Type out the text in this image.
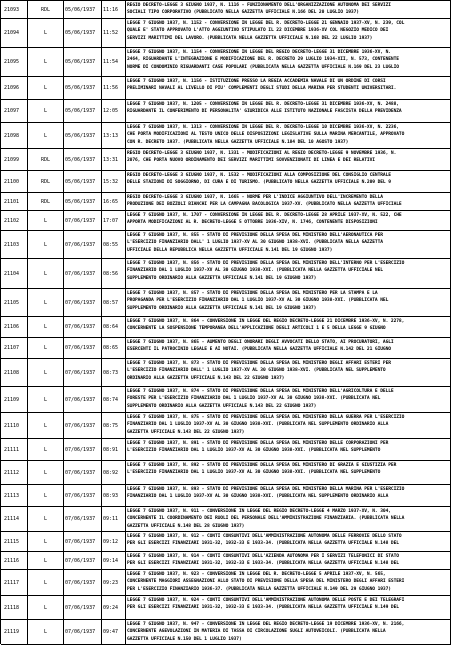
21093	RDL	05/06/1937 11:16
REGIO DECRETO-LEGGE 3 GIUGNO 1937, N. 1116 - FUNZIONAMENTO DELL'ORGANIZZAZIONE AUTONOMA DEI SERVIZI
SOCIALI TIPO CORPORATIVO (PUBBLICATO NELLA GAZZETTA UFFICIALE N.166 DEL 20 LUGLIO 1937)
21094	L	05/06/1937 11:52
LEGGE 7 GIUGNO 1937, N. 1152 - CONVERSIONE IN LEGGE DEL R. DECRETO-LEGGE 21 GENNAIO 1937-XV, N. 239, COL
QUALE E' STATO APPROVATO L'ATTO AGGIUNTIVO STIPULATO IL 22 DICEMBRE 1936-XV COL NEGOZIO MEDICO DEI
SERVIZI MARITTIMI DEL LAVORO. (PUBBLICATA NELLA GAZZETTA UFFICIALE N.168 DEL 22 LUGLIO 1937)
21095	L	05/06/1937 11:54
LEGGE 7 GIUGNO 1937, N. 1154 - CONVERSIONE IN LEGGE DEL REGIO DECRETO-LEGGE 31 DICEMBRE 1936-XV, N.
2464, RIGUARDANTE L'INTEGRAZIONE E MODIFICAZIONE DEL R. DECRETO 29 LUGLIO 1934-XII, N. 573, CONTENENTE
NORME DI CONDOMINIO RIGUARDANTI CASE POPOLARI (PUBBLICATA NELLA GAZZETTA UFFICIALE N.169 DEL 23 LUGLIO
21096	L	05/06/1937 11:56
LEGGE 7 GIUGNO 1937, N. 1156 - ISTITUZIONE PRESSO LA REGIA ACCADEMIA NAVALE DI UN ORDINE DI CORSI
PRELIMINARI NAVALI AL LIVELLO DI PIU' COMPLEMENTI DEGLI STUDI DELLA MARINA PER STUDENTI UNIVERSITARI.
21097	L	05/06/1937 12:05
LEGGE 7 GIUGNO 1937, N. 1205 - CONVERSIONE IN LEGGE DEL R. DECRETO-LEGGE 31 DICEMBRE 1936-XV, N. 2488,
RIGUARDANTE IL CONFERIMENTO DI PERSONALITA' GIURIDICA ALLE ISTITUTO NAZIONALE FASCISTA DELLA PREVIDENZA
21098	L	05/06/1937 13:13
LEGGE 7 GIUGNO 1937, N. 1313 - CONVERSIONE IN LEGGE DEL R. DECRETO-LEGGE 10 DICEMBRE 1936-XV, N. 2236,
CHE PORTA MODIFICAZIONI AL TESTO UNICO DELLE DISPOSIZIONI LEGISLATIVE SULLA MARINA MERCANTILE, APPROVATO
CON R. DECRETO 1937. (PUBBLICATA NELLA GAZZETTA UFFICIALE N.184 DEL 10 AGOSTO 1937)
21099	RDL	05/06/1937 13:31
REGIO DECRETO-LEGGE 3 GIUGNO 1937, N. 1331 - MODIFICAZIONI AL REGIO DECRETO-LEGGE 9 NOVEMBRE 1936, N.
2076, CHE PORTA NUOVO ORDINAMENTO DEI SERVIZI MARITTIMI SOVVENZIONATI DI LINEA E DEI RELATIVI
21100	RDL	05/06/1937 15:32
REGIO DECRETO-LEGGE 3 GIUGNO 1937, N. 1532 - MODIFICAZIONI ALLA COMPOSIZIONE DEL CONSIGLIO CENTRALE
DELLE STAZIONI DI SOGGIORNO, DI CURA E DI TURISMO. (PUBBLICATO NELLA GAZZETTA UFFICIALE N.209 DEL 9
21101	RDL	05/06/1937 16:65
REGIO DECRETO-LEGGE 3 GIUGNO 1937, N. 1665 - NORME PER L'INDICE AGGIUNTIVO DELL'INCREMENTO DELLA
PRODUZIONE DEI BOZZOLI BIANCHI PER LA CAMPAGNA BACOLOGICA 1937-XV. (PUBBLICATO NELLA GAZZETTA UFFICIALE
21102	L	07/06/1937 17:07
LEGGE 7 GIUGNO 1937, N. 1707 - CONVERSIONE IN LEGGE DEL R. DECRETO-LEGGE 28 APRILE 1937-XV, N. 522, CHE
APPORTA MODIFICAZIONI AL R. DECRETO-LEGGE 5 OTTOBRE 1936-XIV, N. 1746, CONTENENTE DISPOSIZIONI
21103	L	07/06/1937 08:55
LEGGE 7 GIUGNO 1937, N. 855 - STATO DI PREVISIONE DELLA SPESA DEL MINISTERO DELL'AERONAUTICA PER
L'ESERCIZIO FINANZIARIO DALL' 1 LUGLIO 1937-XV AL 30 GIUGNO 1938-XVI. (PUBBLICATA NELLA GAZZETTA
UFFICIALE DELLA REPUBBLICA NELLA GAZZETTA UFFICIALE N.141 DEL 19 GIUGNO 1937)
21104	L	07/06/1937 08:56
LEGGE 7 GIUGNO 1937, N. 856 - STATO DI PREVISIONE DELLA SPESA DEL MINISTERO DELL'INTERNO PER L'ESERCIZIO
FINANZIARIO DAL 1 LUGLIO 1937-XV AL 30 GIUGNO 1938-XVI. (PUBBLICATA NELLA GAZZETTA UFFICIALE NEL
SUPPLEMENTO ORDINARIO ALLA GAZZETTA UFFICIALE N.141 DEL 19 GIUGNO 1937)
21105	L	07/06/1937 08:57
LEGGE 7 GIUGNO 1937, N. 857 - STATO DI PREVISIONE DELLA SPESA DEL MINISTERO PER LA STAMPA E LA
PROPAGANDA PER L'ESERCIZIO FINANZIARIO DAL 1 LUGLIO 1937-XV AL 30 GIUGNO 1938-XVI. (PUBBLICATA NEL
SUPPLEMENTO ORDINARIO ALLA GAZZETTA UFFICIALE N.141 DEL 19 GIUGNO 1937)
21106	L	07/06/1937 08:64
LEGGE 7 GIUGNO 1937, N. 864 - CONVERSIONE IN LEGGE DEL REGIO DECRETO-LEGGE 21 DICEMBRE 1936-XV, N. 2278,
CONCERNENTE LA SOSPENSIONE TEMPORANEA DELL'APPLICAZIONE DEGLI ARTICOLI 1 E 5 DELLA LEGGE 9 GIUGNO
21107	L	07/06/1937 08:65
LEGGE 7 GIUGNO 1937, N. 865 - AUMENTO DEGLI ONORARI DEGLI AVVOCATI DELLO STATO, AI PROCURATORI, AGLI
ESERCENTI IL PATROCINIO LEGALE E AI NOTAI. (PUBBLICATA NELLA GAZZETTA UFFICIALE N.142 DEL 21 GIUGNO
21108	L	07/06/1937 08:73
LEGGE 7 GIUGNO 1937, N. 873 - STATO DI PREVISIONE DELLA SPESA DEL MINISTERO DEGLI AFFARI ESTERI PER
L'ESERCIZIO FINANZIARIO DALL' 1 LUGLIO 1937-XV AL 30 GIUGNO 1938-XVI. (PUBBLICATA NEL SUPPLEMENTO
ORDINARIO ALLA GAZZETTA UFFICIALE N.143 DEL 22 GIUGNO 1937)
21109	L	07/06/1937 08:74
LEGGE 7 GIUGNO 1937, N. 874 - STATO DI PREVISIONE DELLA SPESA DEL MINISTERO DELL'AGRICOLTURA E DELLE
FORESTE PER L'ESERCIZIO FINANZIARIO DAL 1 LUGLIO 1937-XV AL 30 GIUGNO 1938-XVI. (PUBBLICATA NEL
SUPPLEMENTO ORDINARIO ALLA GAZZETTA UFFICIALE N.143 DEL 22 GIUGNO 1937)
21110	L	07/06/1937 08:75
LEGGE 7 GIUGNO 1937, N. 875 - STATO DI PREVISIONE DELLA SPESA DEL MINISTERO DELLA GUERRA PER L'ESERCIZIO
FINANZIARIO DAL 1 LUGLIO 1937-XV AL 30 GIUGNO 1938-XVI. (PUBBLICATA NEL SUPPLEMENTO ORDINARIO ALLA
GAZZETTA UFFICIALE N.143 DEL 22 GIUGNO 1937)
21111	L	07/06/1937 08:91
LEGGE 7 GIUGNO 1937, N. 891 - STATO DI PREVISIONE DELLA SPESA DEL MINISTERO DELLE CORPORAZIONI PER
L'ESERCIZIO FINANZIARIO DAL 1 LUGLIO 1937-XV AL 30 GIUGNO 1938-XVI. (PUBBLICATA NEL SUPPLEMENTO
21112	L	07/06/1937 08:92
LEGGE 7 GIUGNO 1937, N. 892 - STATO DI PREVISIONE DELLA SPESA DEL MINISTERO DI GRAZIA E GIUSTIZIA PER
L'ESERCIZIO FINANZIARIO DAL 1 LUGLIO 1937-XV AL 30 GIUGNO 1938-XVI. (PUBBLICATA NEL SUPPLEMENTO
21113	L	07/06/1937 08:93
LEGGE 7 GIUGNO 1937, N. 893 - STATO DI PREVISIONE DELLA SPESA DEL MINISTERO DELLA MARINA PER L'ESERCIZIO
FINANZIARIO DAL 1 LUGLIO 1937-XV AL 30 GIUGNO 1938-XVI. (PUBBLICATA NEL SUPPLEMENTO ORDINARIO ALLA
21114	L	07/06/1937 09:11
LEGGE 7 GIUGNO 1937, N. 911 - CONVERSIONE IN LEGGE DEL REGIO DECRETO-LEGGE 4 MARZO 1937-XV, N. 304,
CONCERNENTE IL COORDINAMENTO DEI RUOLI DEL PERSONALE DELL'AMMINISTRAZIONE FINANZIARIA. (PUBBLICATA NELLA
GAZZETTA UFFICIALE N.148 DEL 28 GIUGNO 1937)
21115	L	07/06/1937 09:12
LEGGE 7 GIUGNO 1937, N. 912 - CONTI CONSUNTIVI DELL'AMMINISTRAZIONE AUTONOMA DELLE FERROVIE DELLO STATO
PER GLI ESERCIZI FINANZIARI 1931-32, 1932-33 E 1933-34. (PUBBLICATA NELLA GAZZETTA UFFICIALE N.148 DEL
21116	L	07/06/1937 09:14
LEGGE 7 GIUGNO 1937, N. 914 - CONTI CONSUNTIVI DELL'AZIENDA AUTONOMA PER I SERVIZI TELEFONICI DI STATO
PER GLI ESERCIZI FINANZIARI 1931-32, 1932-33 E 1933-34. (PUBBLICATA NELLA GAZZETTA UFFICIALE N.148 DEL
21117	L	07/06/1937 09:23
LEGGE 7 GIUGNO 1937, N. 923 - CONVERSIONE IN LEGGE DEL R. DECRETO-LEGGE 5 APRILE 1937-XV, N. 565,
CONCERNENTE MAGGIORI ASSEGNAZIONI ALLO STATO DI PREVISIONE DELLA SPESA DEL MINISTERO DEGLI AFFARI ESTERI
PER L'ESERCIZIO FINANZIARIO 1936-37. (PUBBLICATA NELLA GAZZETTA UFFICIALE N.149 DEL 29 GIUGNO 1937)
21118	L	07/06/1937 09:24
LEGGE 7 GIUGNO 1937, N. 924 - CONTI CONSUNTIVI DELL'AMMINISTRAZIONE AUTONOMA DELLE POSTE E DEI TELEGRAFI
PER GLI ESERCIZI FINANZIARI 1931-32, 1932-33 E 1933-34. (PUBBLICATA NELLA GAZZETTA UFFICIALE N.149 DEL
21119	L	07/06/1937 09:47
LEGGE 7 GIUGNO 1937, N. 947 - CONVERSIONE IN LEGGE DEL REGIO DECRETO-LEGGE 19 DICEMBRE 1936-XV, N. 2166,
CONCERNENTE AGEVOLAZIONI IN MATERIA DI TASSA DI CIRCOLAZIONE SUGLI AUTOVEICOLI. (PUBBLICATA NELLA
GAZZETTA UFFICIALE N.150 DEL 1 LUGLIO 1937)
